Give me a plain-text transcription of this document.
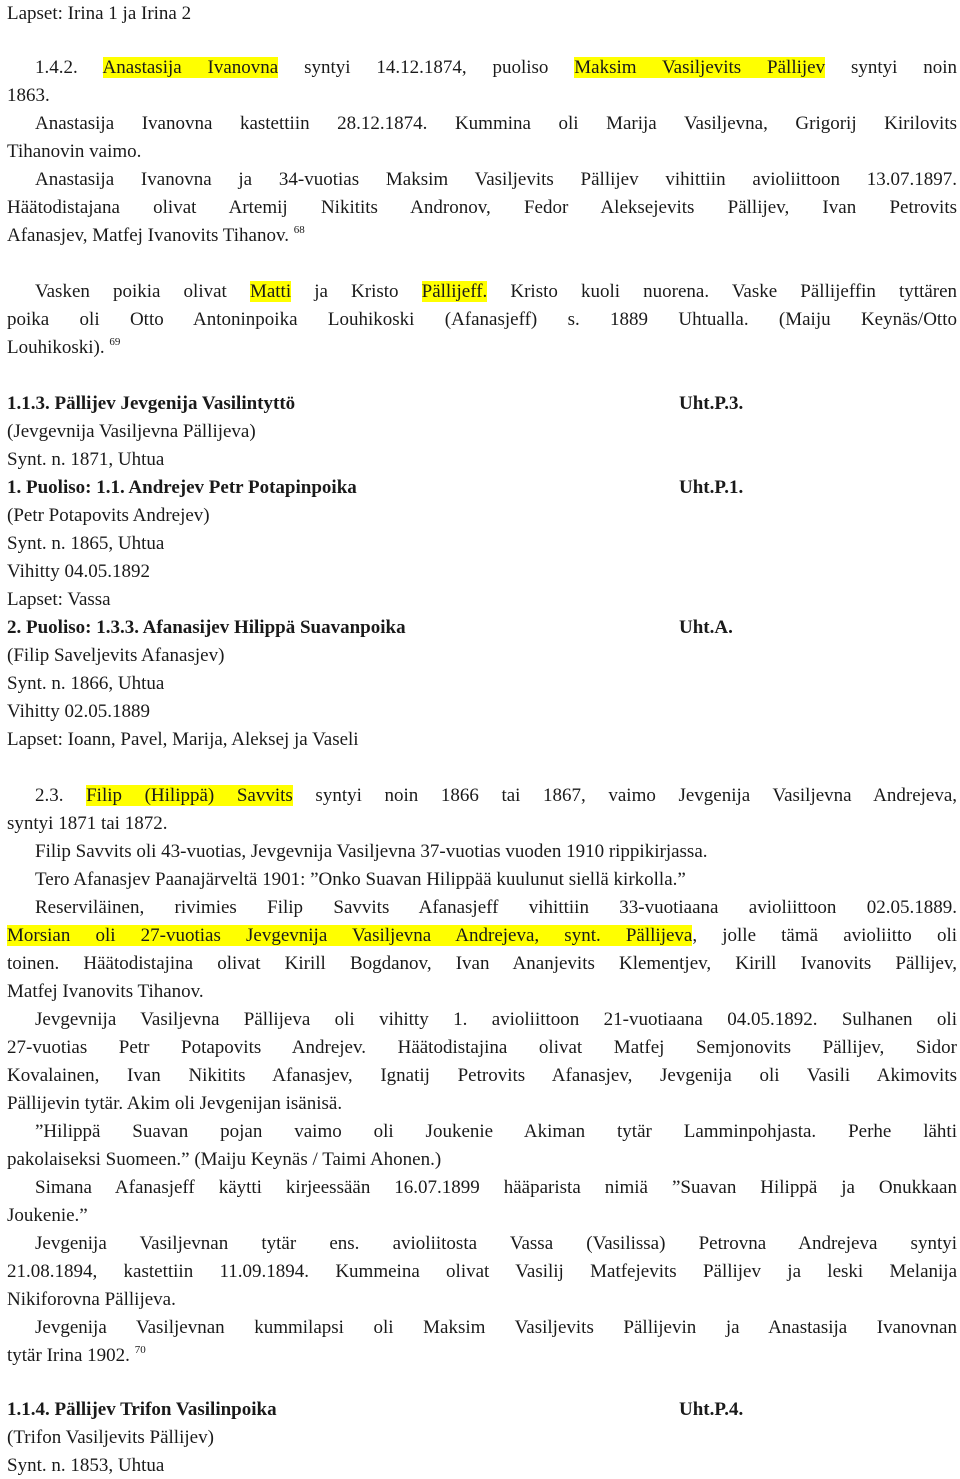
Lapset: Irina 1 ja Irina 2
1.4.2. Anastasija Ivanovna syntyi 14.12.1874, puoliso Maksim Vasiljevits Pällijev syntyi noin
1863.
Anastasija Ivanovna kastettiin 28.12.1874. Kummina oli Marija Vasiljevna, Grigorij Kirilovits
Tihanovin vaimo.
Anastasija Ivanovna ja 34-vuotias Maksim Vasiljevits Pällijev vihittiin avioliittoon 13.07.1897.
Häätodistajana olivat Artemij Nikitits Andronov, Fedor Aleksejevits Pällijev, Ivan Petrovits
Afanasjev, Matfej Ivanovits Tihanov. $^{68}$
Vasken poikia olivat Matti ja Kristo Pällijeff. Kristo kuoli nuorena. Vaske Pällijeffin tyttären
poika oli Otto Antoninpoika Louhikoski (Afanasjeff) s. 1889 Uhtualla. (Maiju Keynäs/Otto
Louhikoski). $^{69}$
1.1.3. Pällijev Jevgenija Vasilintyttö	Uht.P.3.
(Jevgevnija Vasiljevna Pällijeva)
Synt. n. 1871, Uhtua
1. Puoliso: 1.1. Andrejev Petr Potapinpoika	Uht.P.1.
(Petr Potapovits Andrejev)
Synt. n. 1865, Uhtua
Vihitty 04.05.1892
Lapset: Vassa
2. Puoliso: 1.3.3. Afanasijev Hilippä Suavanpoika	Uht.A.
(Filip Saveljevits Afanasjev)
Synt. n. 1866, Uhtua
Vihitty 02.05.1889
Lapset: Ioann, Pavel, Marija, Aleksej ja Vaseli
2.3. Filip (Hilippä) Savvits syntyi noin 1866 tai 1867, vaimo Jevgenija Vasiljevna Andrejeva,
syntyi 1871 tai 1872.
Filip Savvits oli 43-vuotias, Jevgevnija Vasiljevna 37-vuotias vuoden 1910 rippikirjassa.
Tero Afanasjev Paanajärveltä 1901: ”Onko Suavan Hilippää kuulunut siellä kirkolla.”
Reserviläinen, rivimies Filip Savvits Afanasjeff vihittiin 33-vuotiaana avioliittoon 02.05.1889.
Morsian oli 27-vuotias Jevgevnija Vasiljevna Andrejeva, synt. Pällijeva, jolle tämä avioliitto oli
toinen. Häätodistajina olivat Kirill Bogdanov, Ivan Ananjevits Klementjev, Kirill Ivanovits Pällijev,
Matfej Ivanovits Tihanov.
Jevgevnija Vasiljevna Pällijeva oli vihitty 1. avioliittoon 21-vuotiaana 04.05.1892. Sulhanen oli
27-vuotias Petr Potapovits Andrejev. Häätodistajina olivat Matfej Semjonovits Pällijev, Sidor
Kovalainen, Ivan Nikitits Afanasjev, Ignatij Petrovits Afanasjev, Jevgenija oli Vasili Akimovits
Pällijevin tytär. Akim oli Jevgenijan isänisä.
”Hilippä Suavan pojan vaimo oli Joukenie Akiman tytär Lamminpohjasta. Perhe lähti
pakolaiseksi Suomeen.” (Maiju Keynäs / Taimi Ahonen.)
Simana Afanasjeff käytti kirjeessään 16.07.1899 hääparista nimiä ”Suavan Hilippä ja Onukkaan
Joukenie.”
Jevgenija Vasiljevnan tytär ens. avioliitosta Vassa (Vasilissa) Petrovna Andrejeva syntyi
21.08.1894, kastettiin 11.09.1894. Kummeina olivat Vasilij Matfejevits Pällijev ja leski Melanija
Nikiforovna Pällijeva.
Jevgenija Vasiljevnan kummilapsi oli Maksim Vasiljevits Pällijevin ja Anastasija Ivanovnan
tytär Irina 1902. $^{70}$
1.1.4. Pällijev Trifon Vasilinpoika	Uht.P.4.
(Trifon Vasiljevits Pällijev)
Synt. n. 1853, Uhtua
